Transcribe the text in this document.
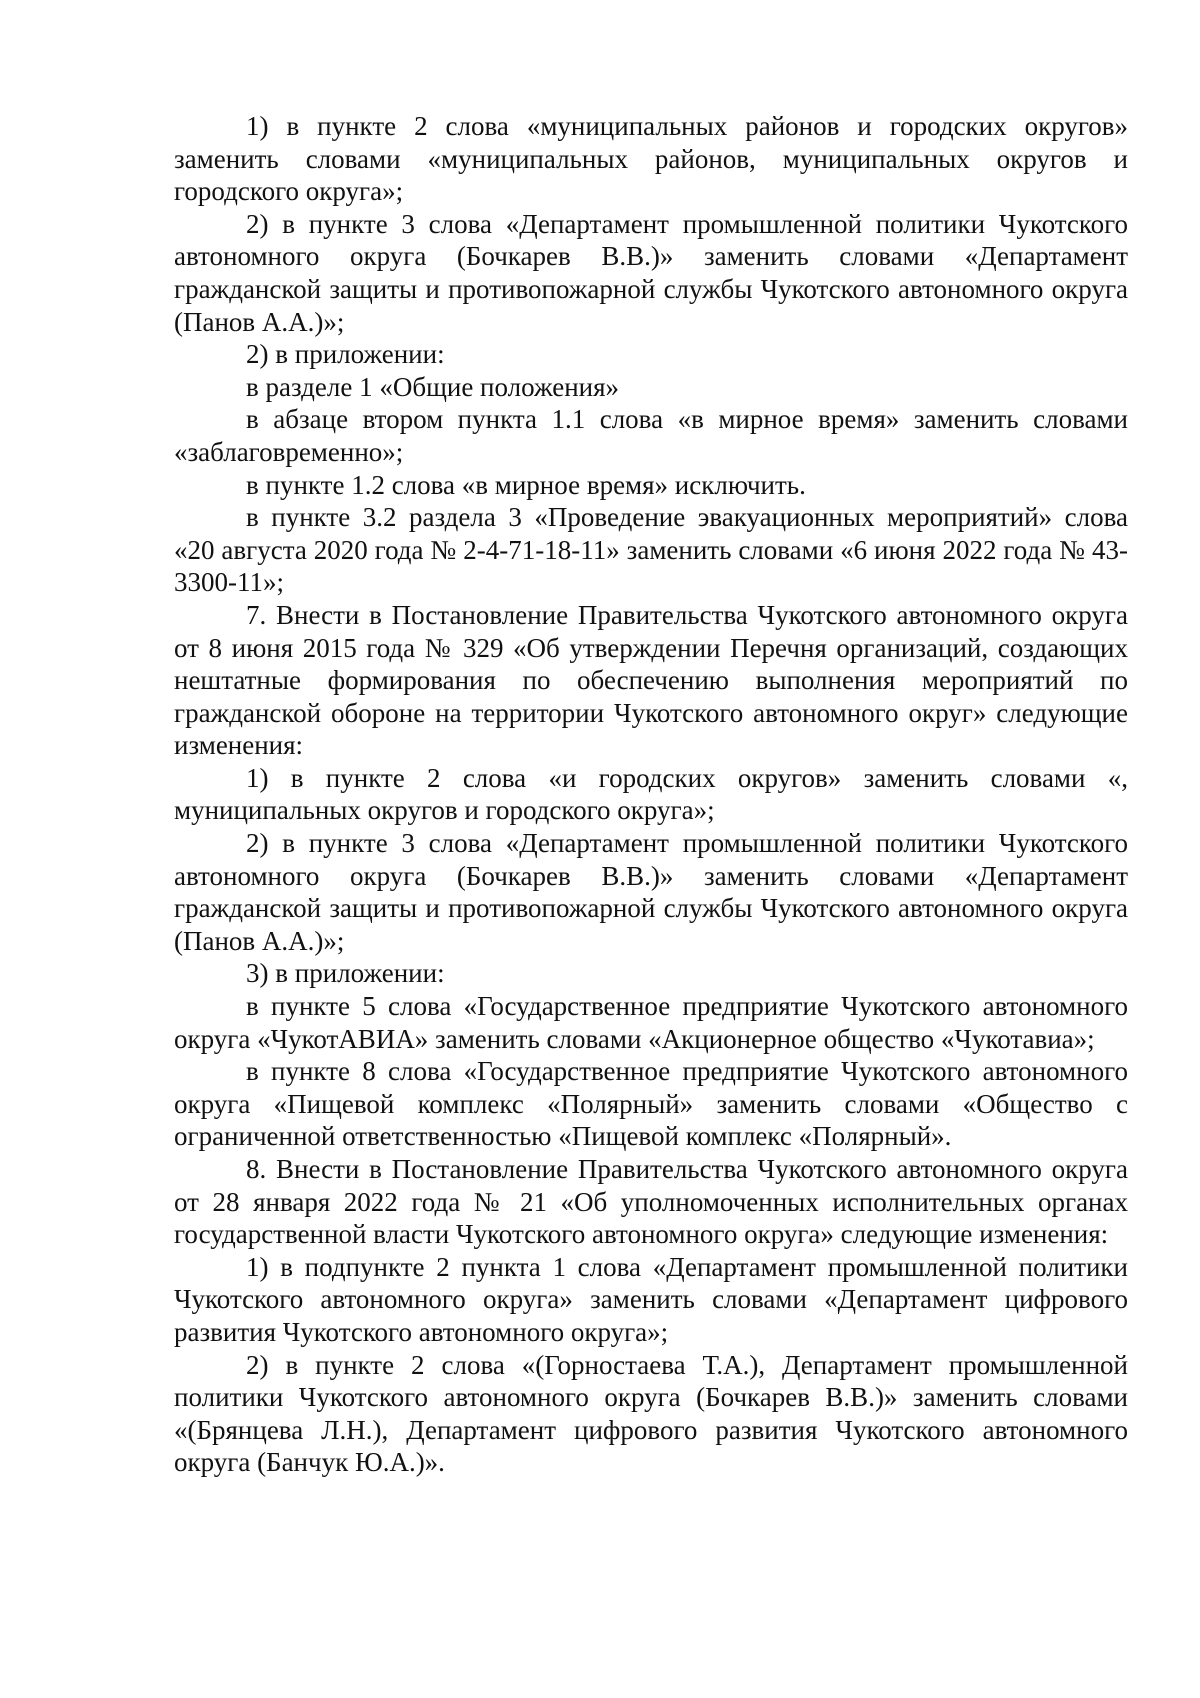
1) в пункте 2 слова «муниципальных районов и городских округов» заменить словами «муниципальных районов, муниципальных округов и городского округа»;

2) в пункте 3 слова «Департамент промышленной политики Чукотского автономного округа (Бочкарев В.В.)» заменить словами «Департамент гражданской защиты и противопожарной службы Чукотского автономного округа (Панов А.А.)»;

2) в приложении:

в разделе 1 «Общие положения»

в абзаце втором пункта 1.1 слова «в мирное время» заменить словами «заблаговременно»;

в пункте 1.2 слова «в мирное время» исключить.

в пункте 3.2 раздела 3 «Проведение эвакуационных мероприятий» слова «20 августа 2020 года № 2-4-71-18-11» заменить словами «6 июня 2022 года № 43-3300-11»;

7. Внести в Постановление Правительства Чукотского автономного округа от 8 июня 2015 года № 329 «Об утверждении Перечня организаций, создающих нештатные формирования по обеспечению выполнения мероприятий по гражданской обороне на территории Чукотского автономного округ» следующие изменения:

1) в пункте 2 слова «и городских округов» заменить словами «, муниципальных округов и городского округа»;

2) в пункте 3 слова «Департамент промышленной политики Чукотского автономного округа (Бочкарев В.В.)» заменить словами «Департамент гражданской защиты и противопожарной службы Чукотского автономного округа (Панов А.А.)»;

3) в приложении:

в пункте 5 слова «Государственное предприятие Чукотского автономного округа «ЧукотАВИА» заменить словами «Акционерное общество «Чукотавиа»;

в пункте 8 слова «Государственное предприятие Чукотского автономного округа «Пищевой комплекс «Полярный» заменить словами «Общество с ограниченной ответственностью «Пищевой комплекс «Полярный».

8. Внести в Постановление Правительства Чукотского автономного округа от 28 января 2022 года № 21 «Об уполномоченных исполнительных органах государственной власти Чукотского автономного округа» следующие изменения:

1) в подпункте 2 пункта 1 слова «Департамент промышленной политики Чукотского автономного округа» заменить словами «Департамент цифрового развития Чукотского автономного округа»;

2) в пункте 2 слова «(Горностаева Т.А.), Департамент промышленной политики Чукотского автономного округа (Бочкарев В.В.)» заменить словами «(Брянцева Л.Н.), Департамент цифрового развития Чукотского автономного округа (Банчук Ю.А.)».
